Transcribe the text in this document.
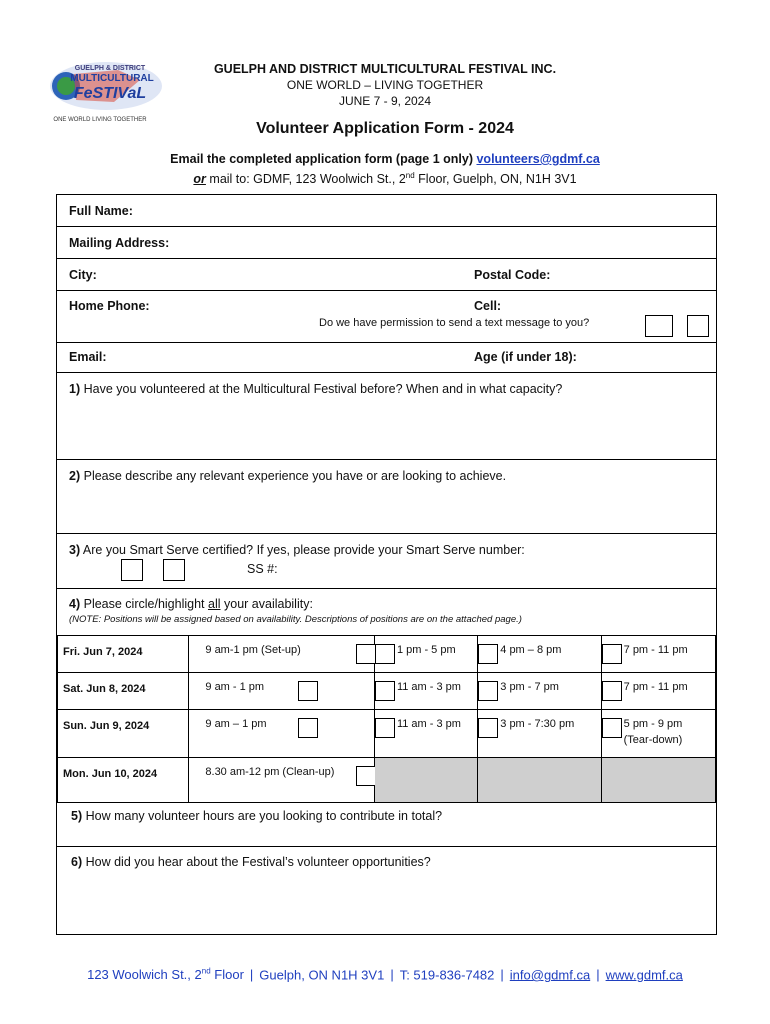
GUELPH & DISTRICT
MULTICULTURAL
FeSTIVaL
ONE WORLD LIVING TOGETHER
GUELPH AND DISTRICT MULTICULTURAL FESTIVAL INC.
ONE WORLD – LIVING TOGETHER
JUNE 7 - 9, 2024
Volunteer Application Form - 2024
Email the completed application form (page 1 only) volunteers@gdmf.ca
or mail to: GDMF, 123 Woolwich St., 2nd Floor, Guelph, ON, N1H 3V1
Full Name:
Mailing Address:
City:	Postal Code:
Home Phone:	Cell:
Do we have permission to send a text message to you?
Email:	Age (if under 18):
1) Have you volunteered at the Multicultural Festival before? When and in what capacity?
2) Please describe any relevant experience you have or are looking to achieve.
3) Are you Smart Serve certified? If yes, please provide your Smart Serve number:
SS #:
4) Please circle/highlight all your availability:
(NOTE: Positions will be assigned based on availability. Descriptions of positions are on the attached page.)
Fri. Jun 7, 2024	9 am-1 pm (Set-up)	1 pm - 5 pm	4 pm – 8 pm	7 pm - 11 pm

Sat. Jun 8, 2024	9 am - 1 pm	11 am - 3 pm	3 pm - 7 pm	7 pm - 11 pm

Sun. Jun 9, 2024	9 am – 1 pm	11 am - 3 pm	3 pm - 7:30 pm	5 pm - 9 pm
(Tear-down)

Mon. Jun 10, 2024	8.30 am-12 pm (Clean-up)			

5) How many volunteer hours are you looking to contribute in total?
6) How did you hear about the Festival’s volunteer opportunities?
123 Woolwich St., 2nd Floor | Guelph, ON N1H 3V1 | T: 519-836-7482 | info@gdmf.ca | www.gdmf.ca
